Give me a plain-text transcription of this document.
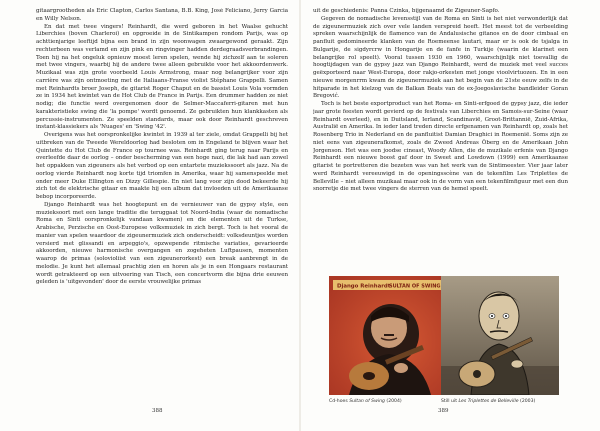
gitaargrootheden als Eric Clapton, Carlos Santana, B.B. King, José Feliciano, Jerry Garcia en Willy Nelson.

En dat met twee vingers! Reinhardt, die werd geboren in het Waalse gehucht Liberchies (boven Charleroi) en opgroeide in de Sintikampen rondom Parijs, was op achttienjarige leeftijd bijna een brand in zijn woonwagen zwaargewond geraakt. Zijn rechterbeen was verlamd en zijn pink en ringvinger hadden derdegraadsverbrandingen. Toen hij na het ongeluk opnieuw moest leren spelen, wende hij zichzelf aan te soleren met twee vingers, waarbij hij de andere twee alleen gebruikte voor het akkoordenwerk. Muzikaal was zijn grote voorbeeld Louis Armstrong, maar nog belangrijker voor zijn carrière was zijn ontmoeting met de Italiaans-Franse violist Stéphane Grappelli. Samen met Reinhardts broer Joseph, de gitarist Roger Chaput en de bassist Louis Vola vormden ze in 1934 het kwintet van de Hot Club de France in Parijs. Een drummer hadden ze niet nodig; die functie werd overgenomen door de Selmer-Maccaferri-gitaren met hun karakteristieke swing die 'la pompe' wordt genoemd. Ze gebruikten hun klankkasten als percussie-instrumenten. Ze speelden standards, maar ook door Reinhardt geschreven instant-klassiekers als 'Nuages' en 'Swing '42'.

Overigens was het oorspronkelijke kwintet in 1939 al ter ziele, omdat Grappelli bij het uitbreken van de Tweede Wereldoorlog had besloten om in Engeland te blijven waar het Quintette du Hot Club de France op tournee was. Reinhardt ging terug naar Parijs en overleefde daar de oorlog – onder bescherming van een hoge nazi, die lak had aan zowel het oppakken van zigeuners als het verbod op een entartete muziekssoort als jazz. Na de oorlog vierde Reinhardt nog korte tijd triomfen in Amerika, waar hij samenspeelde met onder meer Duke Ellington en Dizzy Gillespie. En niet lang voor zijn dood bekeerde hij zich tot de elektrische gitaar en maakte hij een album dat invloeden uit de Amerikaanse bebop incorporeerde.

Django Reinhardt was het hoogtepunt en de vernieuwer van de gypsy style, een muzieksoort met een lange traditie die teruggaat tot Noord-India (waar de nomadische Roma en Sinti oorspronkelijk vandaan kwamen) en die elementen uit de Turkse, Arabische, Perzische en Oost-Europese volksmuziek in zich bergt. Toch is het vooral de manier van spelen waardoor de zigeunermuziek zich onderscheidt: volksdeuntjes worden versierd met glissandi en arpeggio's, opzwepende ritmische variaties, gevarieerde akkoorden, nieuwe harmonische overgangen en zogeheten Luftpausen, momenten waarop de primas (solovioliist van een zigeunerorkest) een break aanbrengt in de melodie. Je kunt het allemaal prachtig zien en horen als je in een Hongaars restaurant wordt getrakteerd op een uitvoering van Tisch, een concertvorm die bijna drie eeuwen geleden is 'uitgevonden' door de eerste vrouwelijke primas

388

uit de geschiedenis: Panna Czinka, bijgenaamd de Zigeuner-Sapfo.

Gegeven de nomadische levensstijl van de Roma en Sinti is het niet verwonderlijk dat de zigeunermuziek zich over vele landen verspreid heeft. Het meest tot de verbeelding spreken waarschijnlijk de flamenco van de Andalusische gitanos en de door cimbaal en panfluit gedomineerde klanken van de Roemeense lautari, maar er is ook de tsjalga in Bulgarije, de sigdyrcrw in Hongarije en de fanfe in Turkije (waarin de klarinet een belangrijke rol speelt). Vooral tussen 1930 en 1960, waarschijnlijk niet toevallig de hoogtijdagen van de gypsy jazz van Django Reinhardt, werd de muziek met veel succes geëxporteerd naar West-Europa, door rakjo-orkesten met jonge vioolvirtuozen. En in een nieuwe morgenrrm kwam de zigeunermuziek aan het begin van de 21ste eeuw zelfs in de hitparade in het kielzog van de Balkan Beats van de ex-Joegoslavische bandleider Goran Bregović.

Toch is het beste exportproduct van het Roma- en Sinti-erfgoed de gypsy jazz, die ieder jaar grote feesten wordt gevierd op de festivals van Liberchies en Samois-sur-Seine (waar Reinhardt overleed), en in Duitsland, Ierland, Scandinavië, Groot-Brittannië, Zuid-Afrika, Australië en Amerika. In ieder land treden directe erfgenamen van Reinhardt op, zoals het Rosenberg Trio in Nederland en de panfluitist Damian Draghici in Roemenië. Soms zijn ze niet eens van zigeunerafkomst, zoals de Zweed Andreas Öberg en de Amerikaan John Jorgenson. Het was een joodse cineast, Woody Allen, die de muzikale erfenis van Django Reinhardt een nieuwe boost gaf door in Sweet and Lowdown (1999) een Amerikaanse gitarist te portretteren die bezeten was van het werk van de Sintimeester. Vier jaar later werd Reinhardt vereeuwigd in de openingsscène van de tekenfilm Les Triplettes de Belleville – niet alleen muzikaal maar ook in de vorm van een tekenfilmfiguur met een dun snorretje die met twee vingers de sterren van de hemel speelt.

389
Django Reinhardt
SULTAN OF SWING
Cd-hoes Sultan of Swing (2004)	Still uit Les Triplettes de Belleville (2003)
